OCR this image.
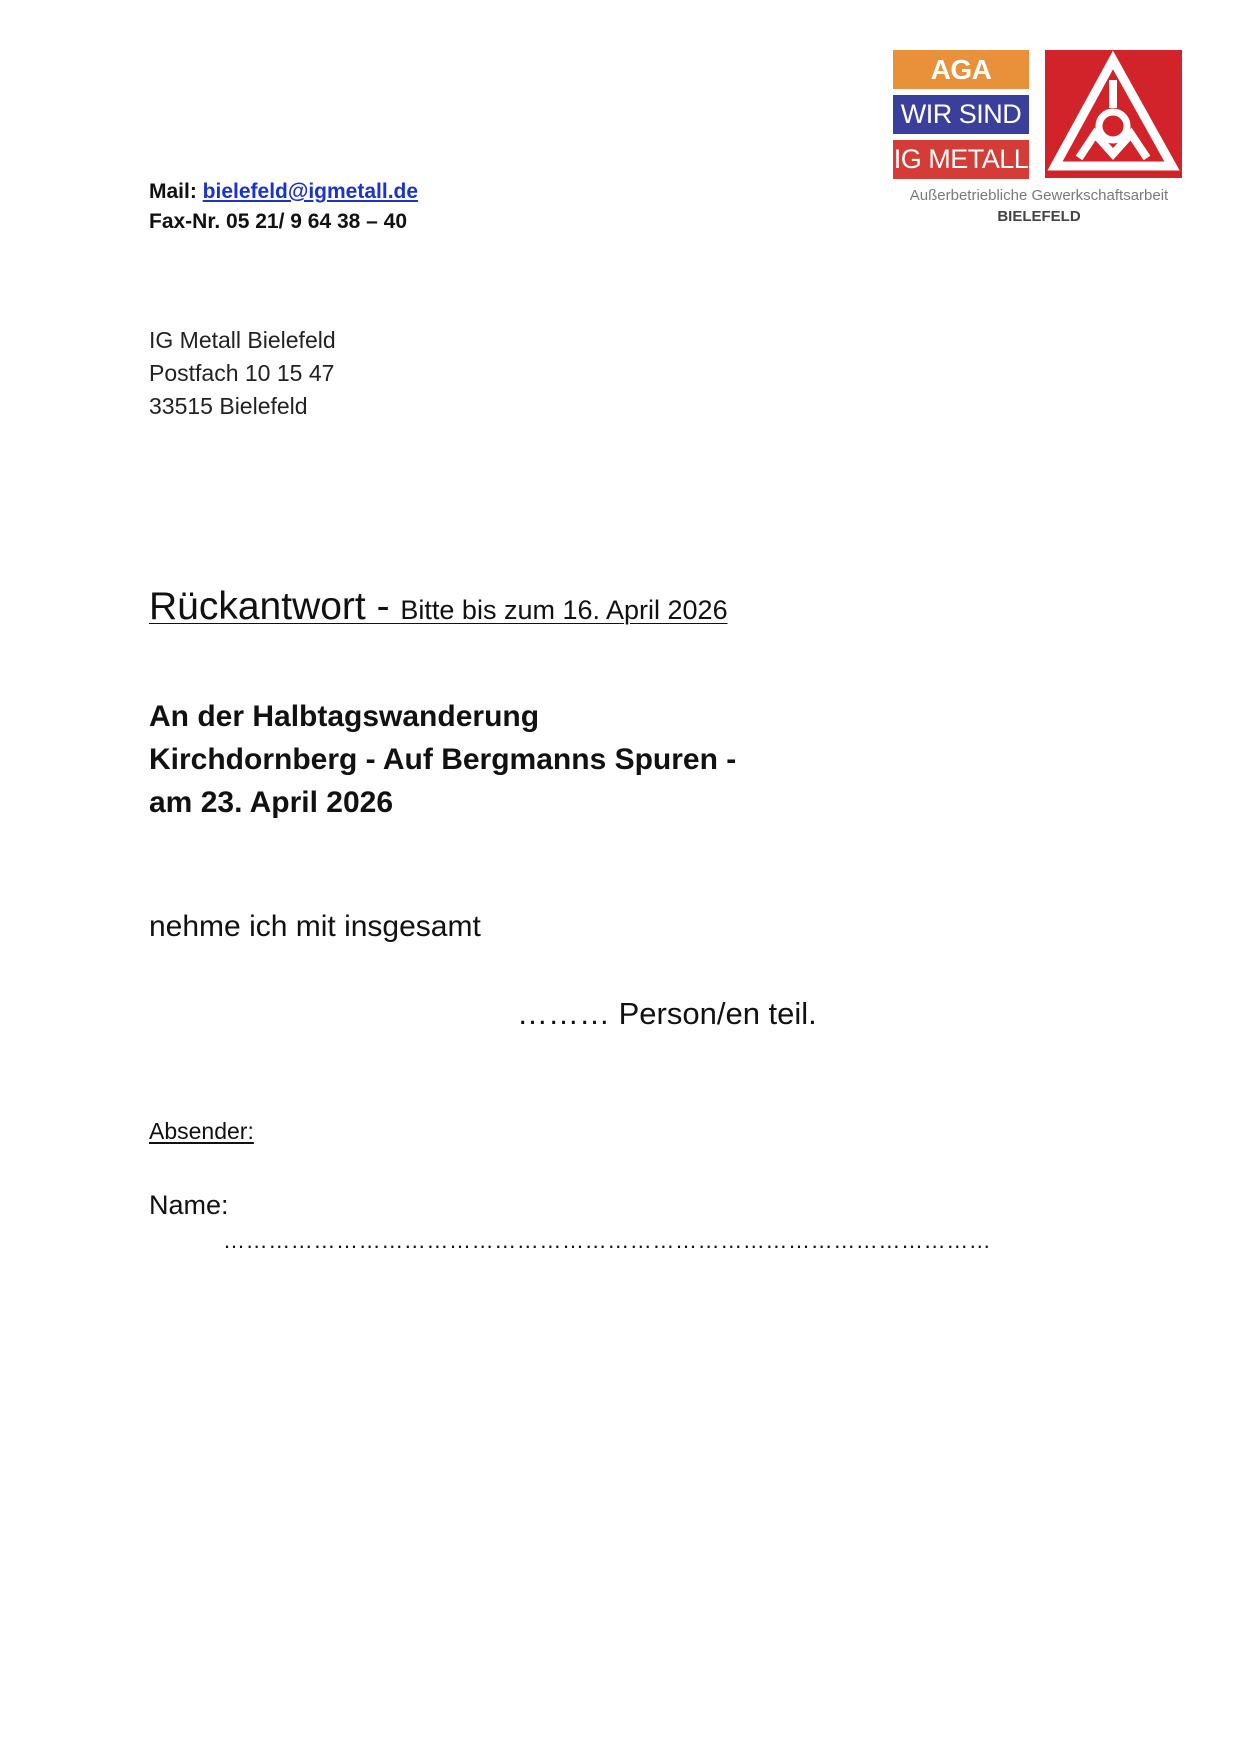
AGA
WIR SIND
IG METALL
Außerbetriebliche Gewerkschaftsarbeit
BIELEFELD
Mail: bielefeld@igmetall.de
Fax-Nr. 05 21/ 9 64 38 – 40
IG Metall Bielefeld
Postfach 10 15 47
33515 Bielefeld
Rückantwort - Bitte bis zum 16. April 2026
An der Halbtagswanderung
Kirchdornberg - Auf Bergmanns Spuren -
am 23. April 2026
nehme ich mit insgesamt
……… Person/en teil.
Absender:
Name:
…………………………………………………………………………………………
